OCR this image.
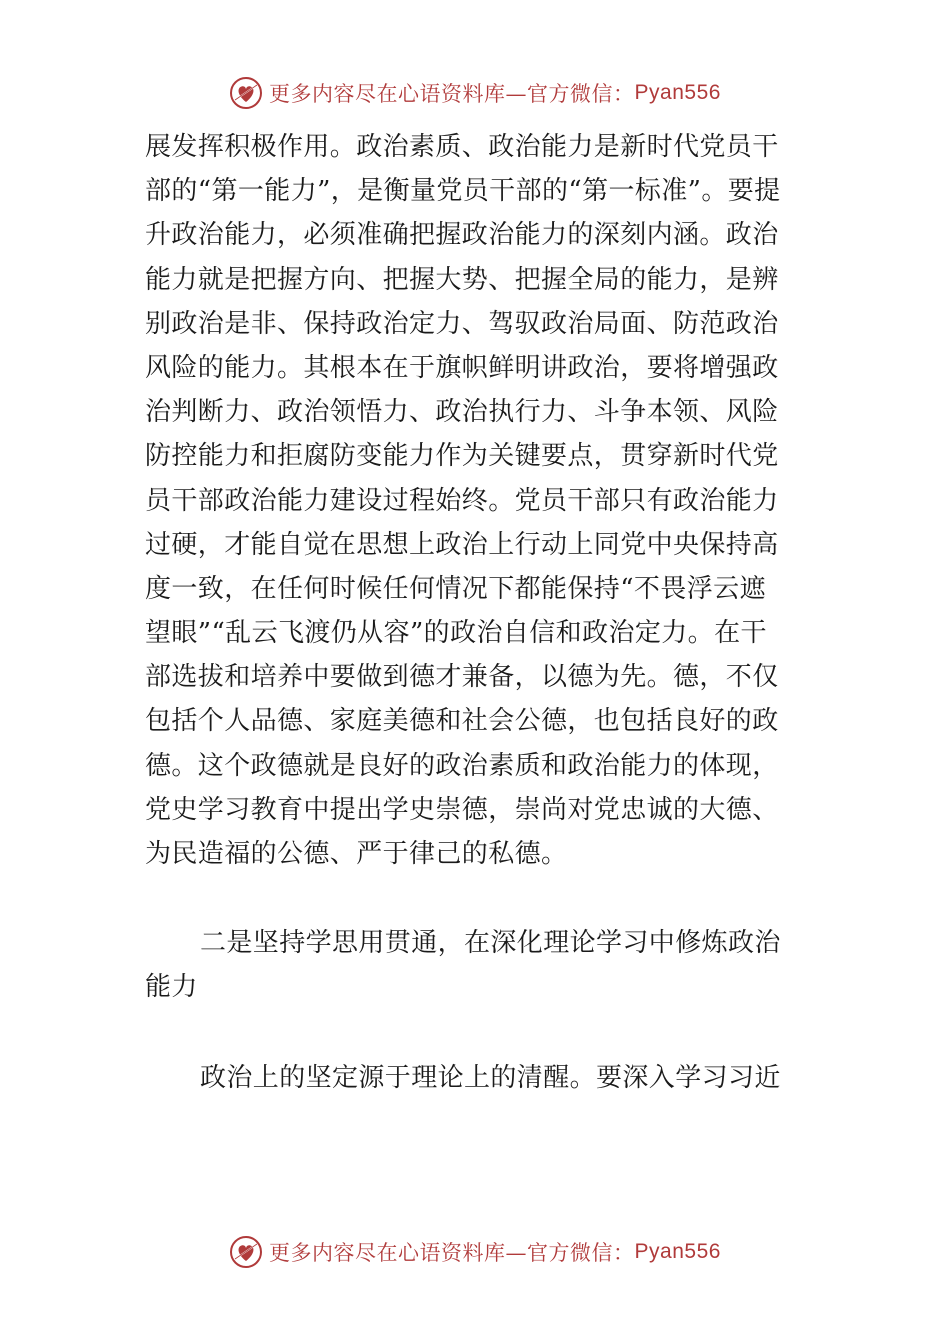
更多内容尽在心语资料库—官方微信： Pyan556
展发挥积极作用。政治素质、政治能力是新时代党员干
部的“第一能力”，是衡量党员干部的“第一标准”。要提
升政治能力，必须准确把握政治能力的深刻内涵。政治
能力就是把握方向、把握大势、把握全局的能力，是辨
别政治是非、保持政治定力、驾驭政治局面、防范政治
风险的能力。其根本在于旗帜鲜明讲政治，要将增强政
治判断力、政治领悟力、政治执行力、斗争本领、风险
防控能力和拒腐防变能力作为关键要点，贯穿新时代党
员干部政治能力建设过程始终。党员干部只有政治能力
过硬，才能自觉在思想上政治上行动上同党中央保持高
度一致，在任何时候任何情况下都能保持“不畏浮云遮
望眼”“乱云飞渡仍从容”的政治自信和政治定力。在干
部选拔和培养中要做到德才兼备，以德为先。德，不仅
包括个人品德、家庭美德和社会公德，也包括良好的政
德。这个政德就是良好的政治素质和政治能力的体现，
党史学习教育中提出学史崇德，崇尚对党忠诚的大德、
为民造福的公德、严于律己的私德。
二是坚持学思用贯通，在深化理论学习中修炼政治
能力
政治上的坚定源于理论上的清醒。要深入学习习近
更多内容尽在心语资料库—官方微信： Pyan556
